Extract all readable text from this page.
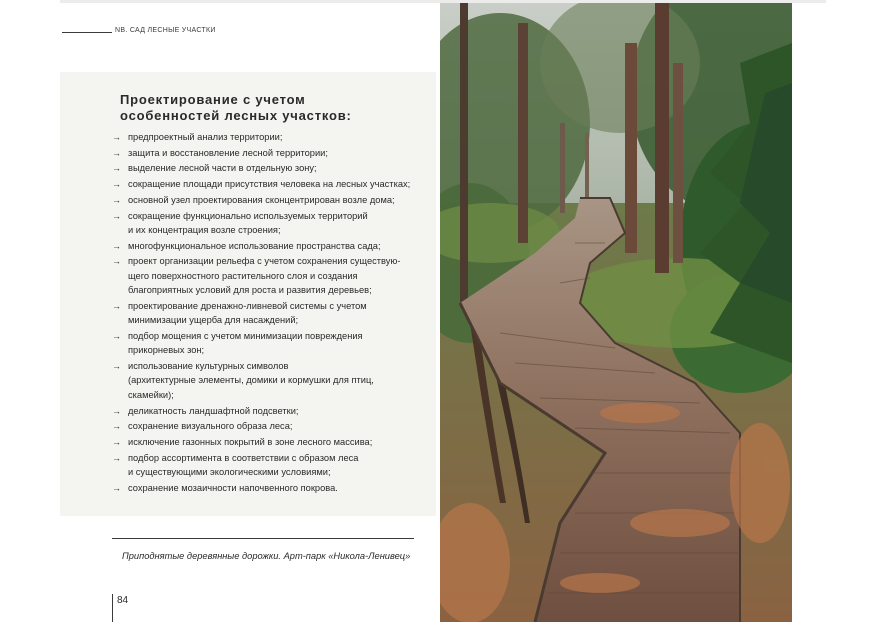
NB. САД ЛЕСНЫЕ УЧАСТКИ
Проектирование с учетом
особенностей лесных участков:
→ предпроектный анализ территории;
→ защита и восстановление лесной территории;
→ выделение лесной части в отдельную зону;
→ сокращение площади присутствия человека на лесных участках;
→ основной узел проектирования сконцентрирован возле дома;
→ сокращение функционально используемых территорий
и их концентрация возле строения;
→ многофункциональное использование пространства сада;
→ проект организации рельефа с учетом сохранения существую-
щего поверхностного растительного слоя и создания
благоприятных условий для роста и развития деревьев;
→ проектирование дренажно-ливневой системы с учетом
минимизации ущерба для насаждений;
→ подбор мощения с учетом минимизации повреждения
прикорневых зон;
→ использование культурных символов
(архитектурные элементы, домики и кормушки для птиц,
скамейки);
→ деликатность ландшафтной подсветки;
→ сохранение визуального образа леса;
→ исключение газонных покрытий в зоне лесного массива;
→ подбор ассортимента в соответствии с образом леса
и существующими экологическими условиями;
→ сохранение мозаичности напочвенного покрова.
Приподнятые деревянные дорожки. Арт-парк «Никола-Ленивец»
84
